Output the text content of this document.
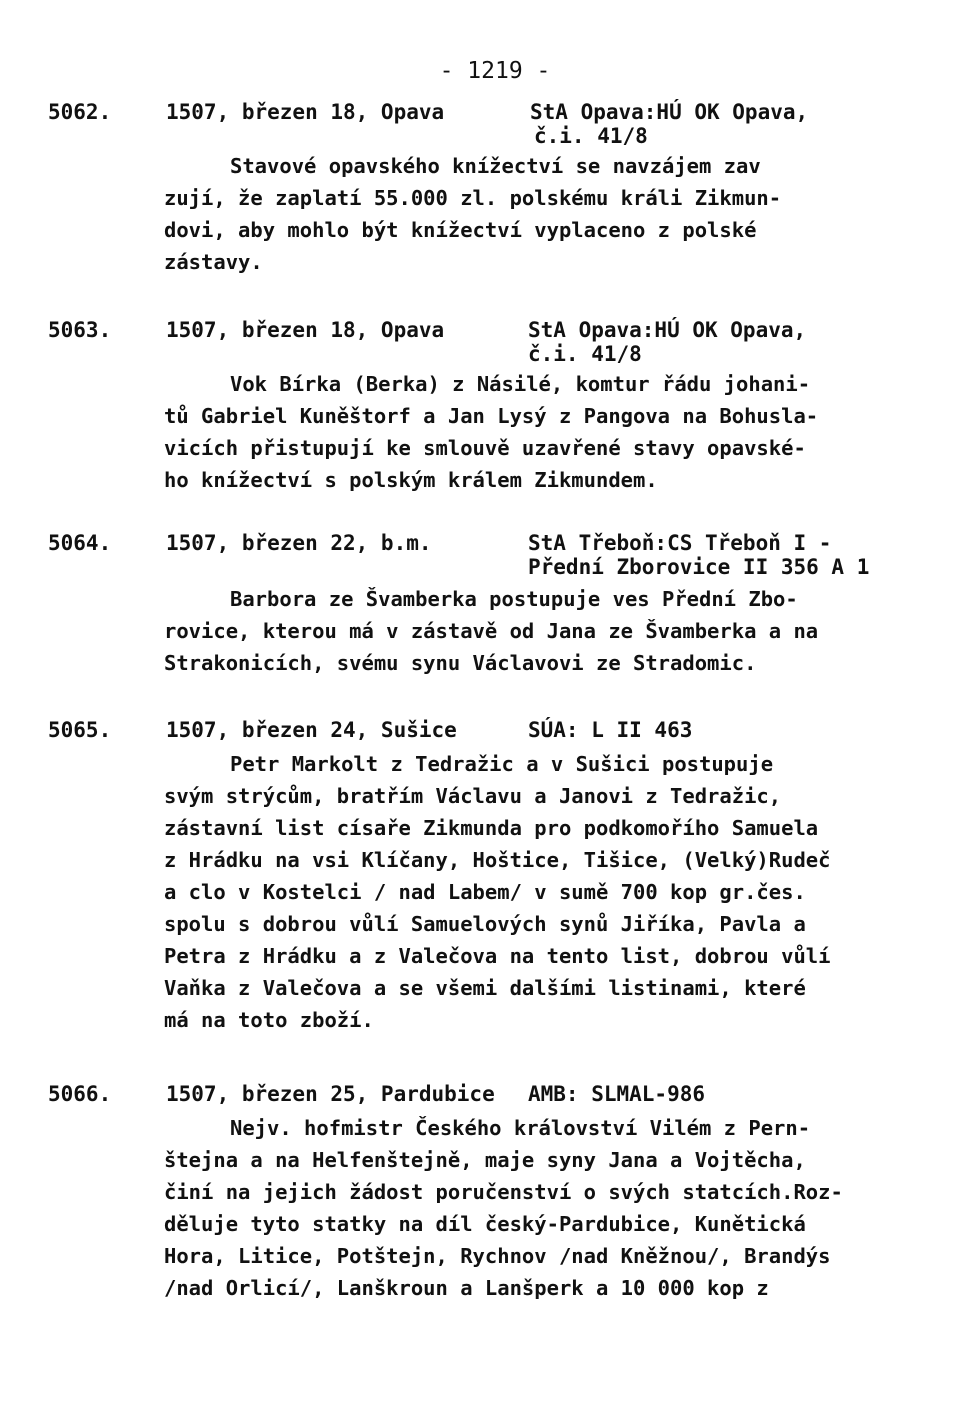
- 1219 -
5062.	1507, březen 18, Opava	StA Opava:HÚ OK Opava,
č.i. 41/8
Stavové opavského knížectví se navzájem zav
zují, že zaplatí 55.000 zl. polskému králi Zikmun-
dovi, aby mohlo být knížectví vyplaceno z polské
zástavy.
5063.	1507, březen 18, Opava	StA Opava:HÚ OK Opava,
č.i. 41/8
Vok Bírka (Berka) z Násilé, komtur řádu johani-
tů Gabriel Kuněštorf a Jan Lysý z Pangova na Bohusla-
vicích přistupují ke smlouvě uzavřené stavy opavské-
ho knížectví s polským králem Zikmundem.
5064.	1507, březen 22, b.m.	StA Třeboň:CS Třeboň I -
Přední Zborovice II 356 A 1
Barbora ze Švamberka postupuje ves Přední Zbo-
rovice, kterou má v zástavě od Jana ze Švamberka a na
Strakonicích, svému synu Václavovi ze Stradomic.
5065.	1507, březen 24, Sušice	SÚA: L II 463
Petr Markolt z Tedražic a v Sušici postupuje
svým strýcům, bratřím Václavu a Janovi z Tedražic,
zástavní list císaře Zikmunda pro podkomořího Samuela
z Hrádku na vsi Klíčany, Hoštice, Tišice, (Velký)Rudeč
a clo v Kostelci / nad Labem/ v sumě 700 kop gr.čes.
spolu s dobrou vůlí Samuelových synů Jiříka, Pavla a
Petra z Hrádku a z Valečova na tento list, dobrou vůlí
Vaňka z Valečova a se všemi dalšími listinami, které
má na toto zboží.
5066.	1507, březen 25, Pardubice AMB: SLMAL-986
Nejv. hofmistr Českého království Vilém z Pern-
štejna a na Helfenštejně, maje syny Jana a Vojtěcha,
činí na jejich žádost poručenství o svých statcích.Roz-
děluje tyto statky na díl český-Pardubice, Kunětická
Hora, Litice, Potštejn, Rychnov /nad Kněžnou/, Brandýs
/nad Orlicí/, Lanškroun a Lanšperk a 10 000 kop z
